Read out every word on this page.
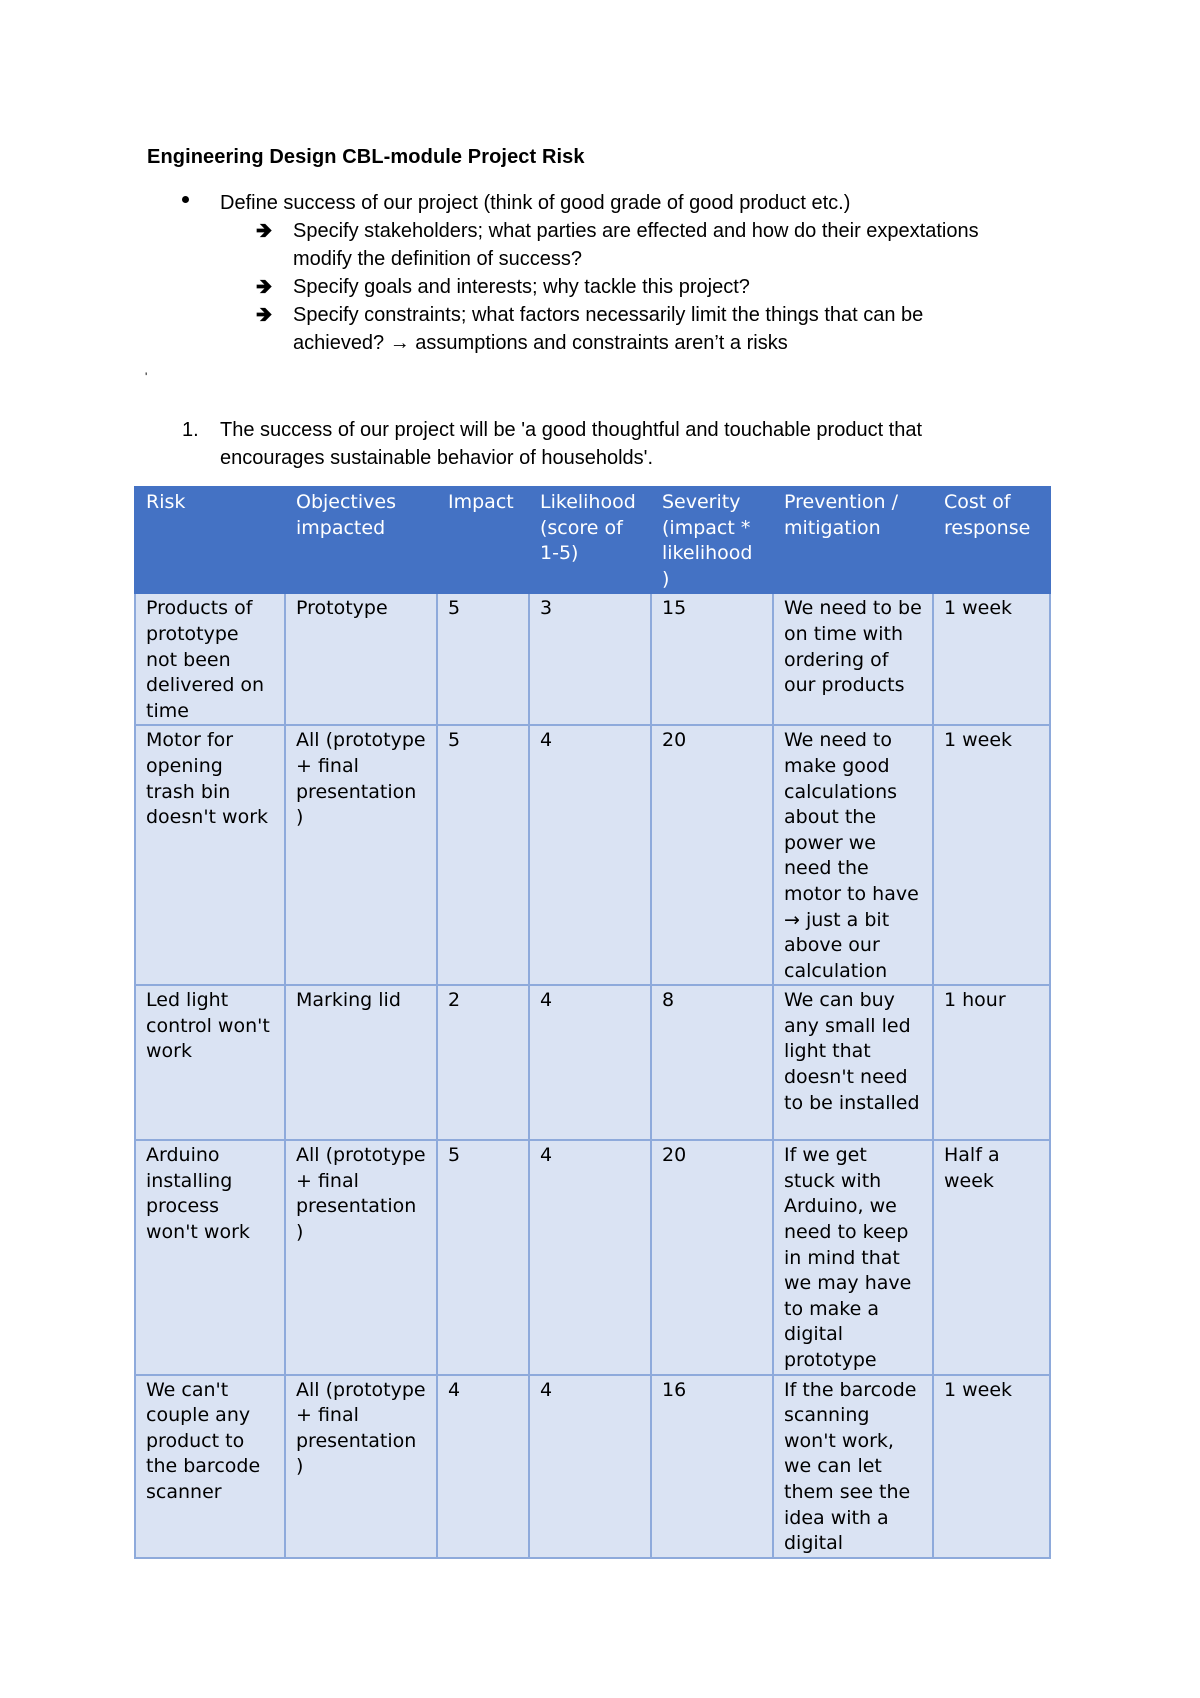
Engineering Design CBL-module Project Risk
Define success of our project (think of good grade of good product etc.)
🡺 Specify stakeholders; what parties are effected and how do their expextations
modify the definition of success?
🡺 Specify goals and interests; why tackle this project?
🡺 Specify constraints; what factors necessarily limit the things that can be
achieved? → assumptions and constraints aren’t a risks
'
1. The success of our project will be 'a good thoughtful and touchable product that
encourages sustainable behavior of households'.
Risk	Objectives impacted	Impact	Likelihood (score of 1-5)	Severity (impact * likelihood )	Prevention / mitigation	Cost of response
Products of prototype not been delivered on time	Prototype	5	3	15	We need to be on time with ordering of our products	1 week
Motor for opening trash bin doesn't work	All (prototype + final presentation )	5	4	20	We need to make good calculations about the power we need the motor to have → just a bit above our calculation	1 week
Led light control won't work	Marking lid	2	4	8	We can buy any small led light that doesn't need to be installed	1 hour
Arduino installing process won't work	All (prototype + final presentation )	5	4	20	If we get stuck with Arduino, we need to keep in mind that we may have to make a digital prototype	Half a week
We can't couple any product to the barcode scanner	All (prototype + final presentation )	4	4	16	If the barcode scanning won't work, we can let them see the idea with a digital	1 week
